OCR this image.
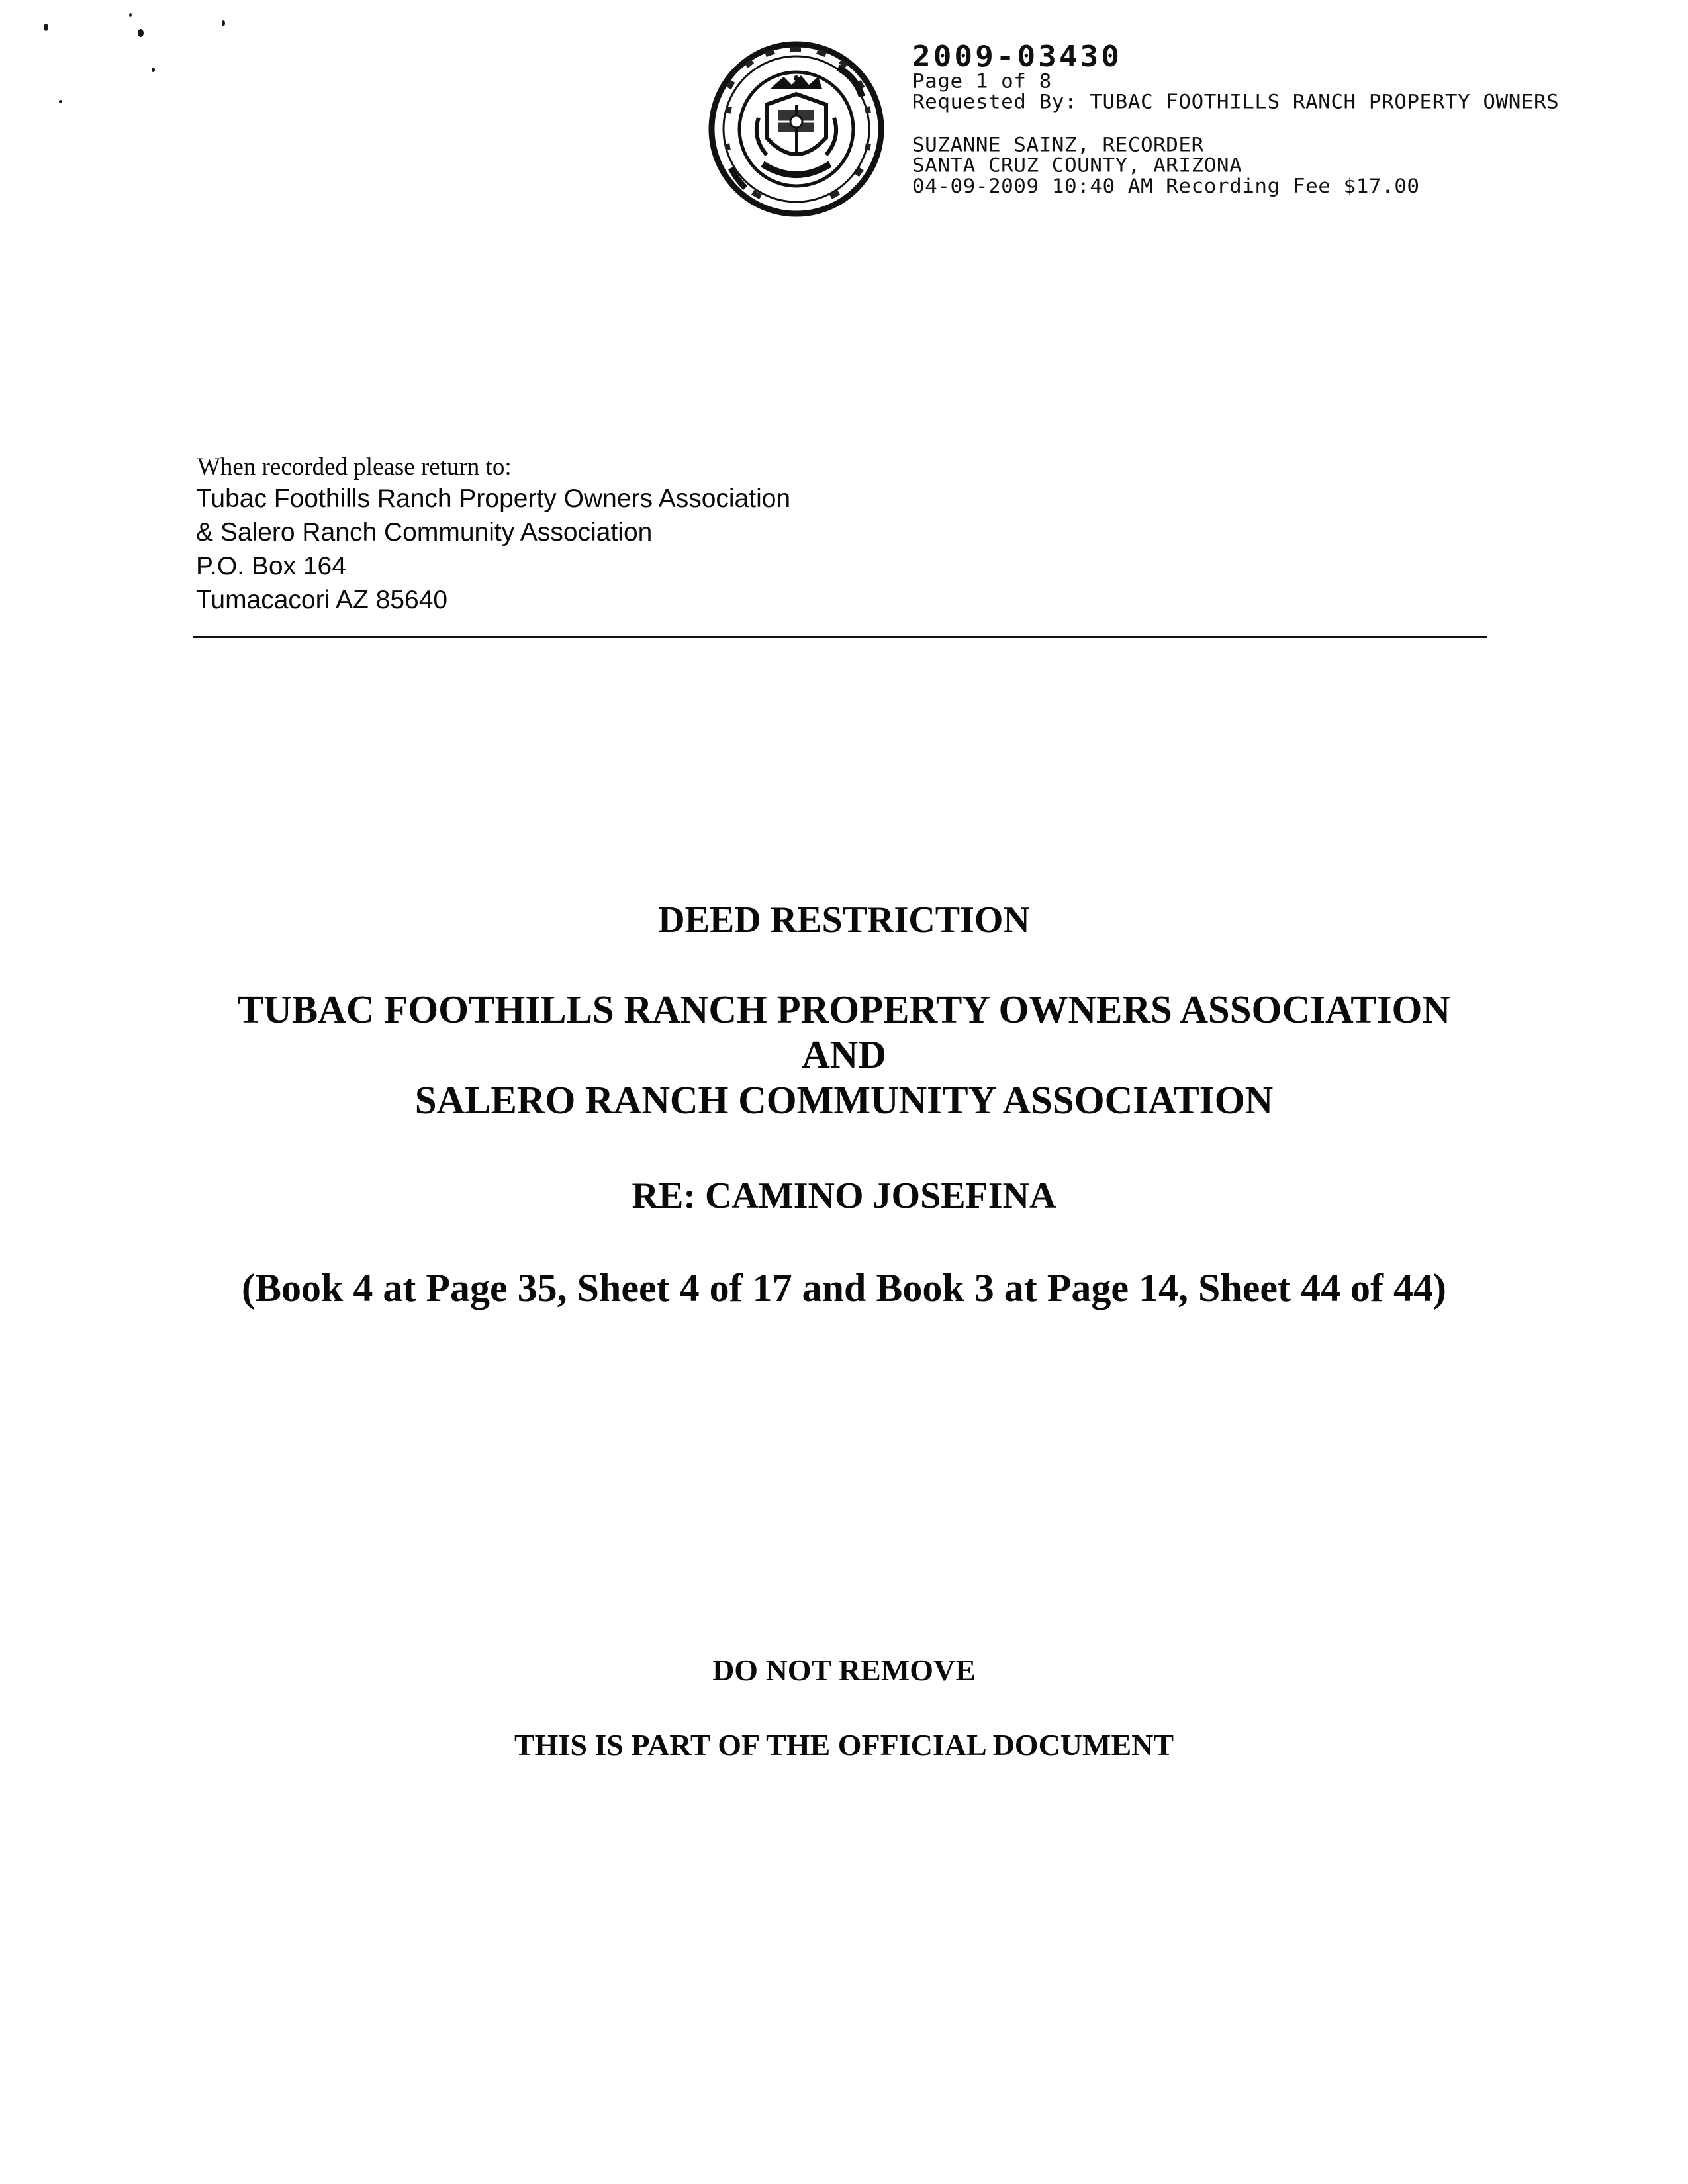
2009-03430
Page 1 of 8
Requested By: TUBAC FOOTHILLS RANCH PROPERTY OWNERS
SUZANNE SAINZ, RECORDER
SANTA CRUZ COUNTY, ARIZONA
04-09-2009 10:40 AM Recording Fee $17.00
When recorded please return to:
Tubac Foothills Ranch Property Owners Association
& Salero Ranch Community Association
P.O. Box 164
Tumacacori AZ 85640
DEED RESTRICTION
TUBAC FOOTHILLS RANCH PROPERTY OWNERS ASSOCIATION
AND
SALERO RANCH COMMUNITY ASSOCIATION
RE: CAMINO JOSEFINA
(Book 4 at Page 35, Sheet 4 of 17 and Book 3 at Page 14, Sheet 44 of 44)
DO NOT REMOVE
THIS IS PART OF THE OFFICIAL DOCUMENT
